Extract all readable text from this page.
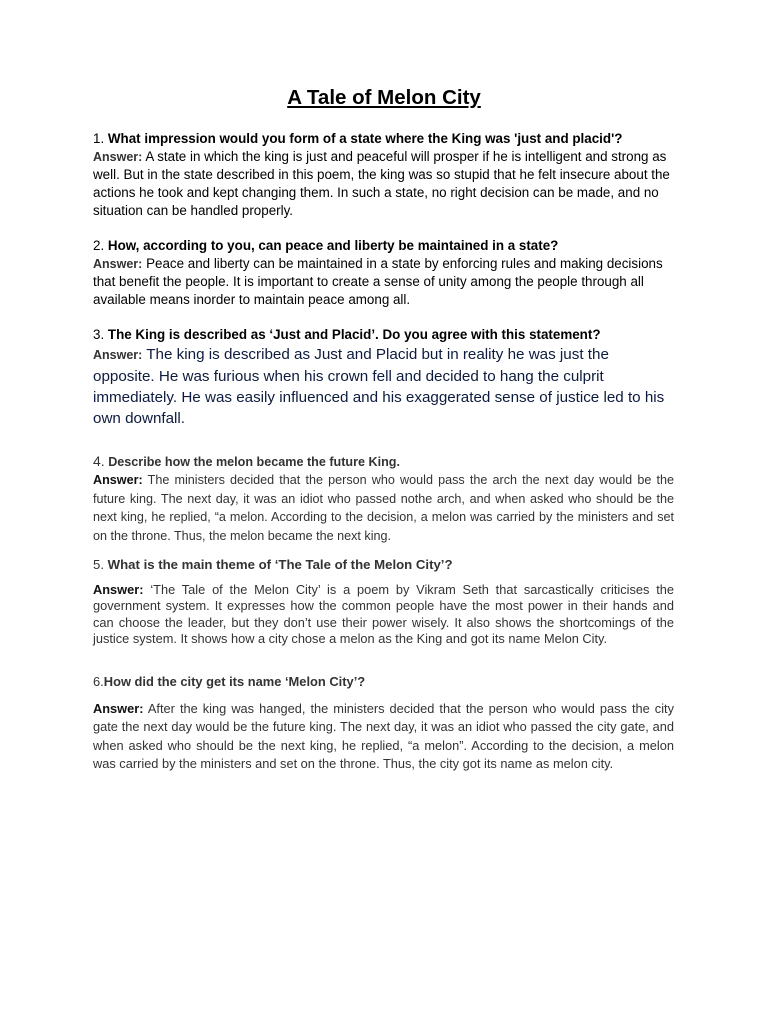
A Tale of Melon City

1. What impression would you form of a state where the King was 'just and placid'?

Answer: A state in which the king is just and peaceful will prosper if he is intelligent and strong as well. But in the state described in this poem, the king was so stupid that he felt insecure about the actions he took and kept changing them. In such a state, no right decision can be made, and no situation can be handled properly.

2. How, according to you, can peace and liberty be maintained in a state?

Answer: Peace and liberty can be maintained in a state by enforcing rules and making decisions that benefit the people. It is important to create a sense of unity among the people through all available means inorder to maintain peace among all.

3. The King is described as ‘Just and Placid’. Do you agree with this statement?

Answer: The king is described as Just and Placid but in reality he was just the opposite. He was furious when his crown fell and decided to hang the culprit immediately. He was easily influenced and his exaggerated sense of justice led to his own downfall.

4. Describe how the melon became the future King.

Answer: The ministers decided that the person who would pass the arch the next day would be the future king. The next day, it was an idiot who passed nothe arch, and when asked who should be the next king, he replied, “a melon. According to the decision, a melon was carried by the ministers and set on the throne. Thus, the melon became the next king.

5. What is the main theme of ‘The Tale of the Melon City’?

Answer: ‘The Tale of the Melon City’ is a poem by Vikram Seth that sarcastically criticises the government system. It expresses how the common people have the most power in their hands and can choose the leader, but they don’t use their power wisely. It also shows the shortcomings of the justice system. It shows how a city chose a melon as the King and got its name Melon City.

6.How did the city get its name ‘Melon City’?

Answer: After the king was hanged, the ministers decided that the person who would pass the city gate the next day would be the future king. The next day, it was an idiot who passed the city gate, and when asked who should be the next king, he replied, “a melon”. According to the decision, a melon was carried by the ministers and set on the throne. Thus, the city got its name as melon city.
